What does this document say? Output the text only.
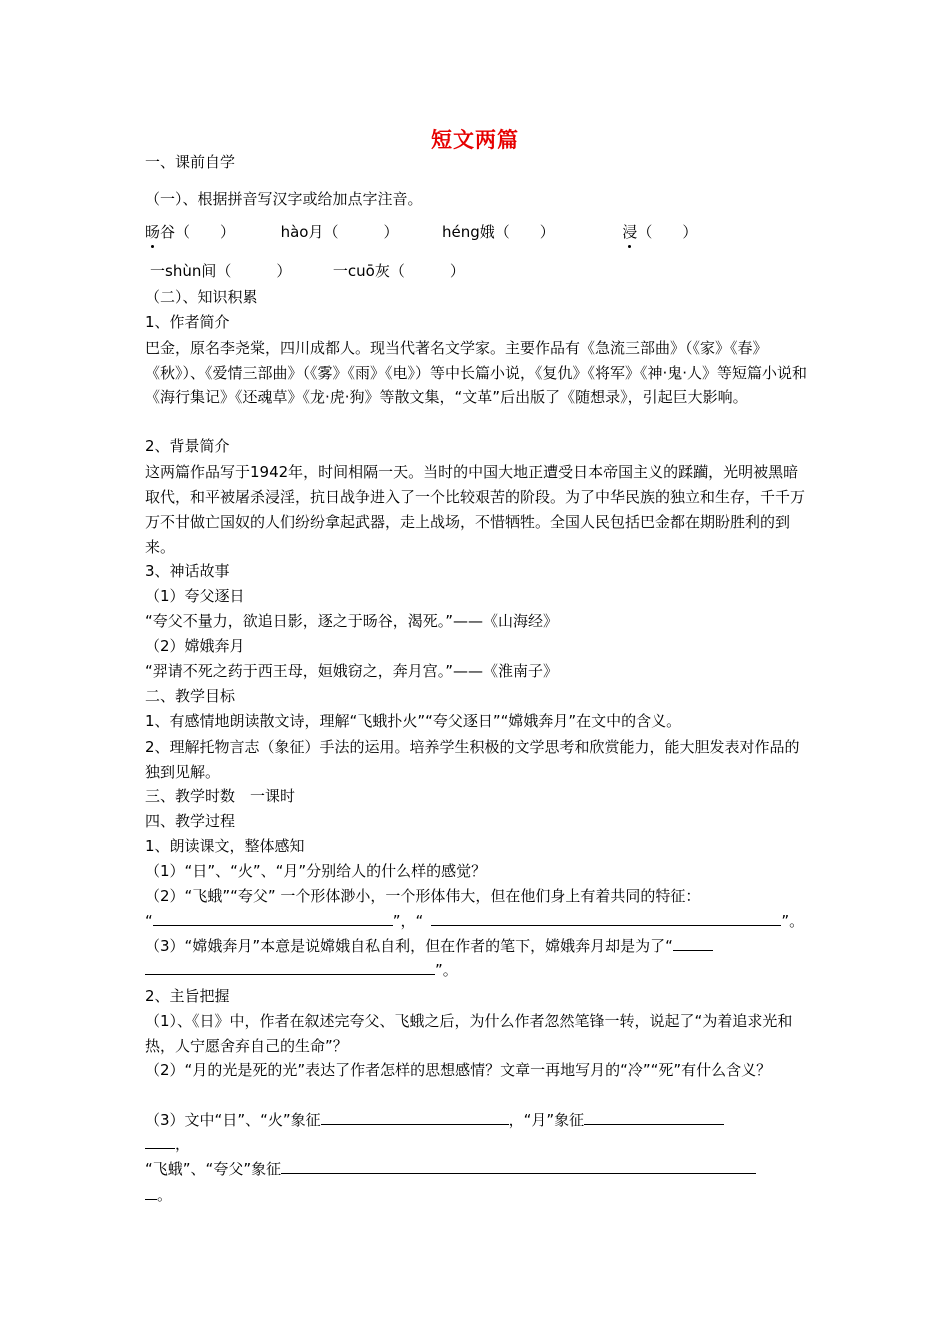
短文两篇
一、课前自学
（一）、根据拼音写汉字或给加点字注音。
旸谷（　　）	hào月（　　　）	héng娥（　　）	浸（　　）
一shùn间（　　　）	一cuō灰（　　　）
（二）、知识积累
1、作者简介
巴金，原名李尧棠，四川成都人。现当代著名文学家。主要作品有《急流三部曲》（《家》《春》《秋》）、《爱情三部曲》（《雾》《雨》《电》）等中长篇小说，《复仇》《将军》《神·鬼·人》等短篇小说和《海行集记》《还魂草》《龙·虎·狗》等散文集，“文革”后出版了《随想录》，引起巨大影响。
2、背景简介
这两篇作品写于1942年，时间相隔一天。当时的中国大地正遭受日本帝国主义的蹂躏，光明被黑暗取代，和平被屠杀浸淫，抗日战争进入了一个比较艰苦的阶段。为了中华民族的独立和生存，千千万万不甘做亡国奴的人们纷纷拿起武器，走上战场，不惜牺牲。全国人民包括巴金都在期盼胜利的到来。
3、神话故事
（1）夸父逐日
“夸父不量力，欲追日影，逐之于旸谷，渴死。”——《山海经》
（2）嫦娥奔月
“羿请不死之药于西王母，姮娥窃之，奔月宫。”——《淮南子》
二、教学目标
1、有感情地朗读散文诗，理解“飞蛾扑火”“夸父逐日”“嫦娥奔月”在文中的含义。
2、理解托物言志（象征）手法的运用。培养学生积极的文学思考和欣赏能力，能大胆发表对作品的独到见解。
三、教学时数　一课时
四、教学过程
1、朗读课文，整体感知
（1）“日”、“火”、“月”分别给人的什么样的感觉？
（2）“飞蛾”“夸父” 一个形体渺小，一个形体伟大，但在他们身上有着共同的特征：
“	”，“	”。
（3）“嫦娥奔月”本意是说嫦娥自私自利，但在作者的笔下，嫦娥奔月却是为了“
”。
2、主旨把握
（1）、《日》中，作者在叙述完夸父、飞蛾之后，为什么作者忽然笔锋一转，说起了“为着追求光和热，人宁愿舍弃自己的生命”？
（2）“月的光是死的光”表达了作者怎样的思想感情？文章一再地写月的“冷”“死”有什么含义？
（3）文中“日”、“火”象征	，“月”象征
，
“飞蛾”、“夸父”象征
。
